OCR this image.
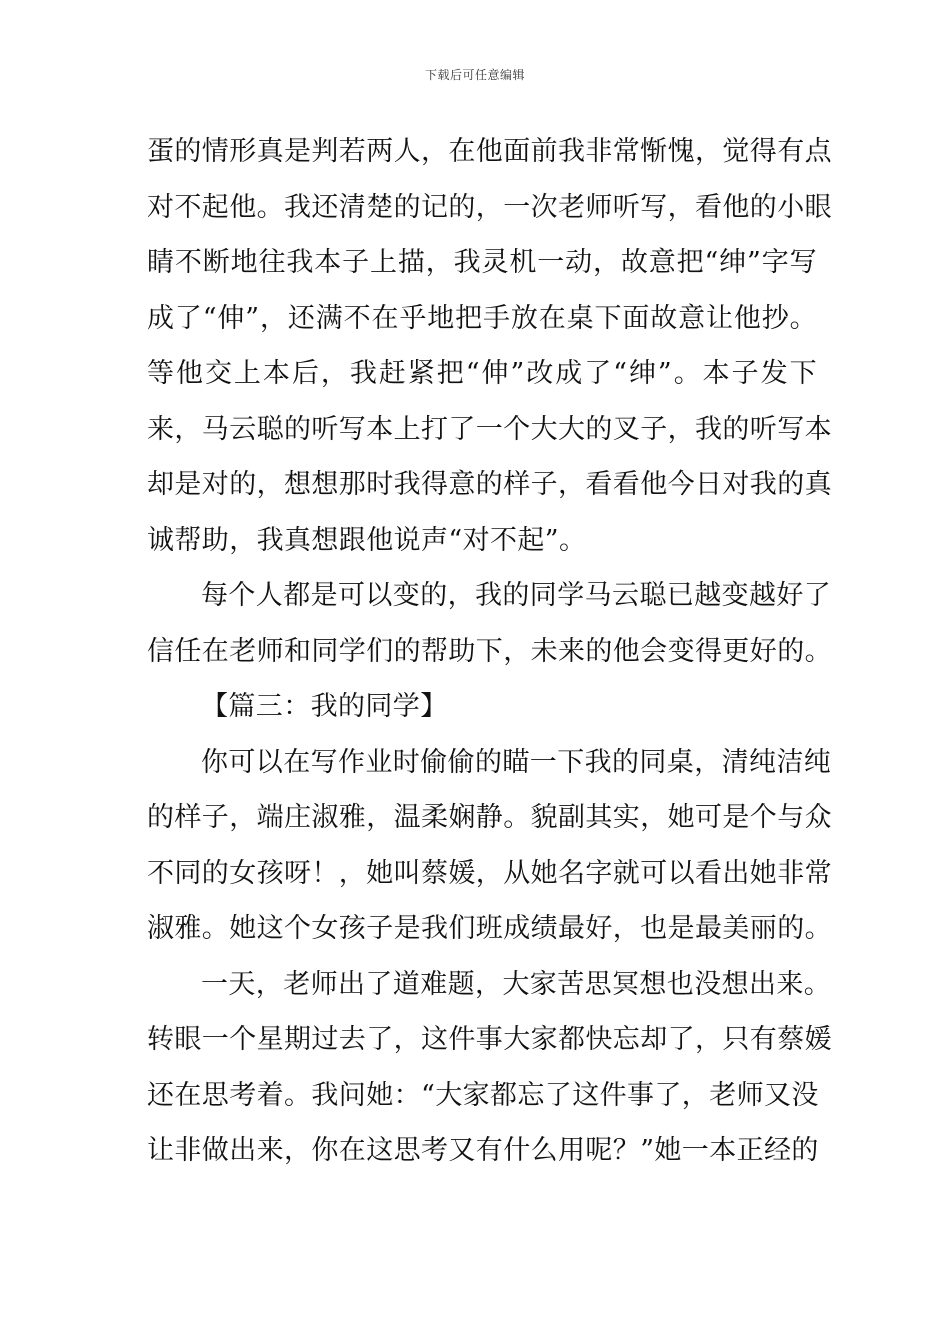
下载后可任意编辑
蛋的情形真是判若两人，在他面前我非常惭愧，觉得有点
对不起他。我还清楚的记的，一次老师听写，看他的小眼
睛不断地往我本子上描，我灵机一动，故意把“绅”字写
成了“伸”，还满不在乎地把手放在桌下面故意让他抄。
等他交上本后，我赶紧把“伸”改成了“绅”。本子发下
来，马云聪的听写本上打了一个大大的叉子，我的听写本
却是对的，想想那时我得意的样子，看看他今日对我的真
诚帮助，我真想跟他说声“对不起”。
每个人都是可以变的，我的同学马云聪已越变越好了
信任在老师和同学们的帮助下，未来的他会变得更好的。
【篇三：我的同学】
你可以在写作业时偷偷的瞄一下我的同桌，清纯洁纯
的样子，端庄淑雅，温柔娴静。貌副其实，她可是个与众
不同的女孩呀！，她叫蔡媛，从她名字就可以看出她非常
淑雅。她这个女孩子是我们班成绩最好，也是最美丽的。
一天，老师出了道难题，大家苦思冥想也没想出来。
转眼一个星期过去了，这件事大家都快忘却了，只有蔡媛
还在思考着。我问她：“大家都忘了这件事了，老师又没
让非做出来，你在这思考又有什么用呢？”她一本正经的
